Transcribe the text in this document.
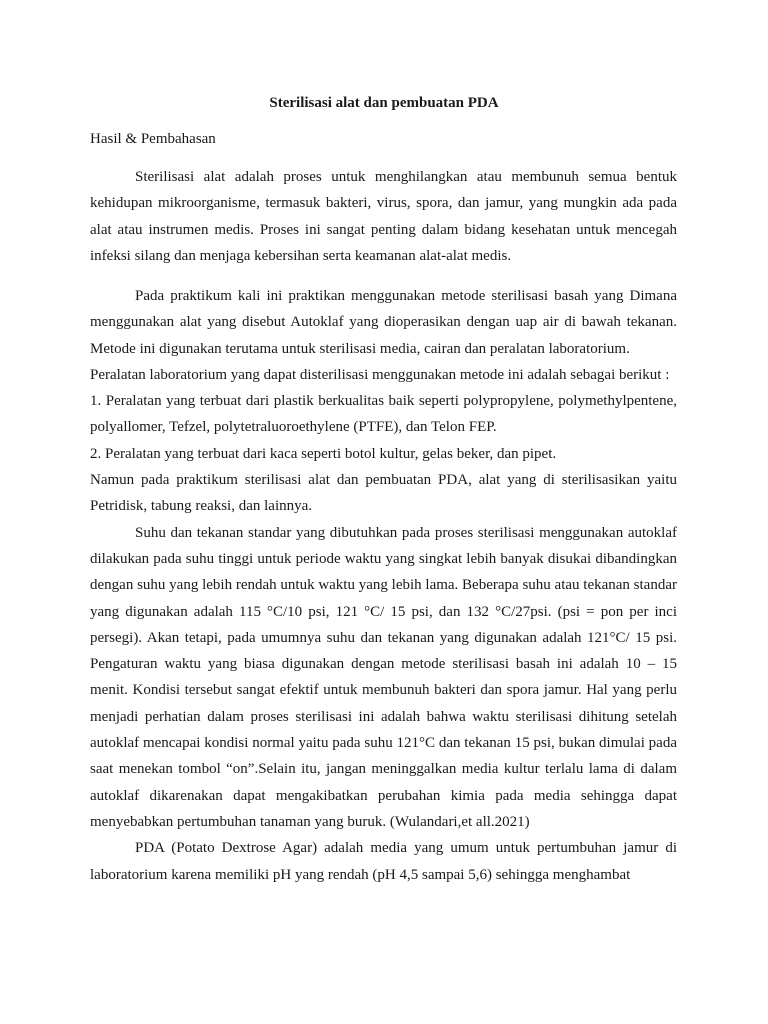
Sterilisasi alat dan pembuatan PDA
Hasil & Pembahasan

Sterilisasi alat adalah proses untuk menghilangkan atau membunuh semua bentuk kehidupan mikroorganisme, termasuk bakteri, virus, spora, dan jamur, yang mungkin ada pada alat atau instrumen medis. Proses ini sangat penting dalam bidang kesehatan untuk mencegah infeksi silang dan menjaga kebersihan serta keamanan alat-alat medis.

Pada praktikum kali ini praktikan menggunakan metode sterilisasi basah yang Dimana menggunakan alat yang disebut Autoklaf yang dioperasikan dengan uap air di bawah tekanan. Metode ini digunakan terutama untuk sterilisasi media, cairan dan peralatan laboratorium.

Peralatan laboratorium yang dapat disterilisasi menggunakan metode ini adalah sebagai berikut :

1. Peralatan yang terbuat dari plastik berkualitas baik seperti polypropylene, polymethylpentene, polyallomer, Tefzel, polytetraluoroethylene (PTFE), dan Telon FEP.

2. Peralatan yang terbuat dari kaca seperti botol kultur, gelas beker, dan pipet.

Namun pada praktikum sterilisasi alat dan pembuatan PDA, alat yang di sterilisasikan yaitu Petridisk, tabung reaksi, dan lainnya.

Suhu dan tekanan standar yang dibutuhkan pada proses sterilisasi menggunakan autoklaf dilakukan pada suhu tinggi untuk periode waktu yang singkat lebih banyak disukai dibandingkan dengan suhu yang lebih rendah untuk waktu yang lebih lama. Beberapa suhu atau tekanan standar yang digunakan adalah 115 °C/10 psi, 121 °C/ 15 psi, dan 132 °C/27psi. (psi = pon per inci persegi). Akan tetapi, pada umumnya suhu dan tekanan yang digunakan adalah 121°C/ 15 psi. Pengaturan waktu yang biasa digunakan dengan metode sterilisasi basah ini adalah 10 – 15 menit. Kondisi tersebut sangat efektif untuk membunuh bakteri dan spora jamur. Hal yang perlu menjadi perhatian dalam proses sterilisasi ini adalah bahwa waktu sterilisasi dihitung setelah autoklaf mencapai kondisi normal yaitu pada suhu 121°C dan tekanan 15 psi, bukan dimulai pada saat menekan tombol “on”.Selain itu, jangan meninggalkan media kultur terlalu lama di dalam autoklaf dikarenakan dapat mengakibatkan perubahan kimia pada media sehingga dapat menyebabkan pertumbuhan tanaman yang buruk. (Wulandari,et all.2021)

PDA (Potato Dextrose Agar) adalah media yang umum untuk pertumbuhan jamur di laboratorium karena memiliki pH yang rendah (pH 4,5 sampai 5,6) sehingga menghambat
